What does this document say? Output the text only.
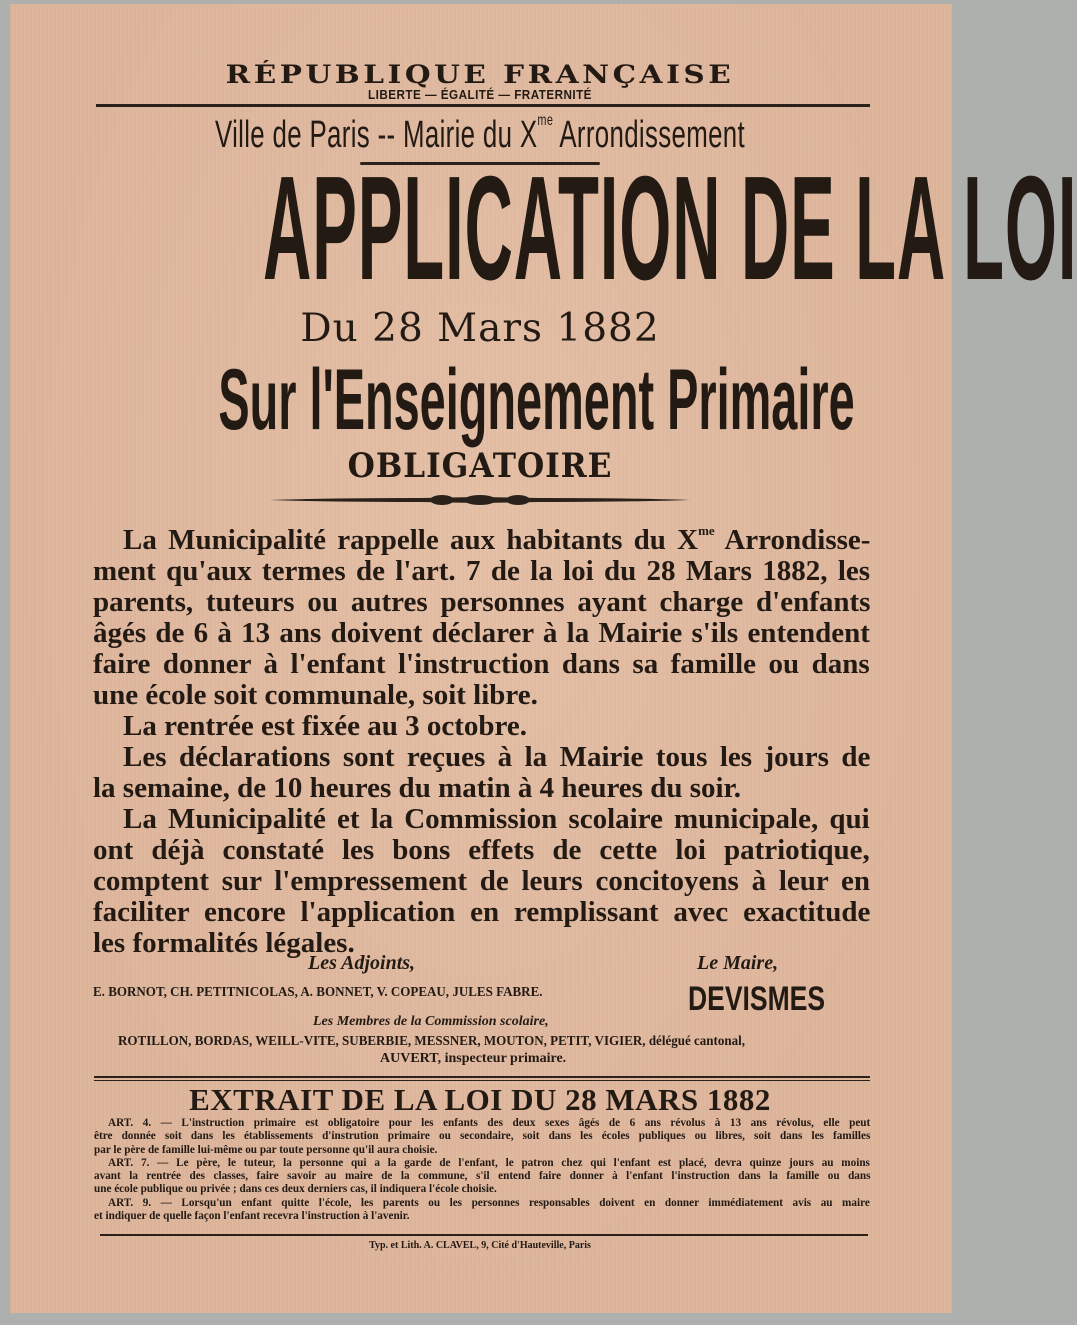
RÉPUBLIQUE FRANÇAISE
LIBERTE — ÉGALITÉ — FRATERNITÉ
Ville de Paris -- Mairie du $X^{me}$ Arrondissement
APPLICATION DE LA LOI
Du 28 Mars 1882
Sur l'Enseignement Primaire
OBLIGATOIRE
La Municipalité rappelle aux habitants du $X^{me}$ Arrondisse-
ment qu'aux termes de l'art. 7 de la loi du 28 Mars 1882, les
parents, tuteurs ou autres personnes ayant charge d'enfants
âgés de 6 à 13 ans doivent déclarer à la Mairie s'ils entendent
faire donner à l'enfant l'instruction dans sa famille ou dans
une école soit communale, soit libre.
La rentrée est fixée au 3 octobre.
Les déclarations sont reçues à la Mairie tous les jours de
la semaine, de 10 heures du matin à 4 heures du soir.
La Municipalité et la Commission scolaire municipale, qui
ont déjà constaté les bons effets de cette loi patriotique,
comptent sur l'empressement de leurs concitoyens à leur en
faciliter encore l'application en remplissant avec exactitude
les formalités légales.
Les Adjoints,	Le Maire,
E. BORNOT, CH. PETITNICOLAS, A. BONNET, V. COPEAU, JULES FABRE.	DEVISMES
Les Membres de la Commission scolaire,
ROTILLON, BORDAS, WEILL-VITE, SUBERBIE, MESSNER, MOUTON, PETIT, VIGIER, délégué cantonal,
AUVERT, inspecteur primaire.
EXTRAIT DE LA LOI DU 28 MARS 1882
ART. 4. — L'instruction primaire est obligatoire pour les enfants des deux sexes âgés de 6 ans révolus à 13 ans révolus, elle peut
être donnée soit dans les établissements d'instrution primaire ou secondaire, soit dans les écoles publiques ou libres, soit dans les familles
par le père de famille lui-même ou par toute personne qu'il aura choisie.
ART. 7. — Le père, le tuteur, la personne qui a la garde de l'enfant, le patron chez qui l'enfant est placé, devra quinze jours au moins
avant la rentrée des classes, faire savoir au maire de la commune, s'il entend faire donner à l'enfant l'instruction dans la famille ou dans
une école publique ou privée ; dans ces deux derniers cas, il indiquera l'école choisie.
ART. 9. — Lorsqu'un enfant quitte l'école, les parents ou les personnes responsables doivent en donner immédiatement avis au maire
et indiquer de quelle façon l'enfant recevra l'instruction à l'avenir.
Typ. et Lith. A. CLAVEL, 9, Cité d'Hauteville, Paris
